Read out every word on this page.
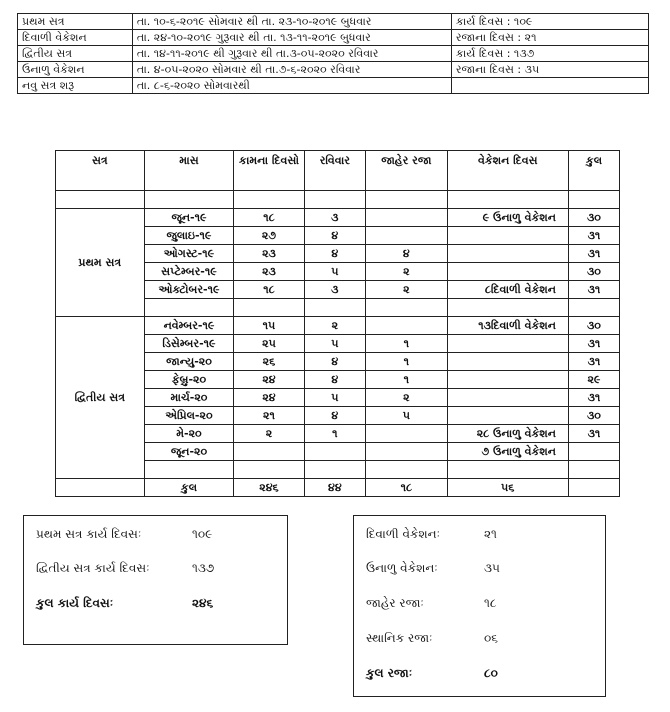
પ્રથમ સત્ર	તા. ૧૦-૬-૨૦૧૯ સોમવાર થી તા. ૨૩-૧૦-૨૦૧૯ બુધવાર	કાર્ય દિવસ : ૧૦૯
દિવાળી વેકેશન	તા. ૨૪-૧૦-૨૦૧૯ ગુરૂવાર થી તા. ૧૩-૧૧-૨૦૧૯ બુધવાર	રજાના દિવસ : ૨૧
દ્વિતીય સત્ર	તા. ૧૪-૧૧-૨૦૧૯ થી ગુરૂવાર થી તા.૩-૦૫-૨૦૨૦ રવિવાર	કાર્ય દિવસ : ૧૩૭
ઉનાળુ વેકેશન	તા. ૪-૦૫-૨૦૨૦ સોમવાર થી તા.૭-૬-૨૦૨૦ રવિવાર	રજાના દિવસ : ૩૫
નવુ સત્ર શરૂ	તા. ૮-૬-૨૦૨૦ સોમવારથી	
સત્ર	માસ	કામના દિવસો	રવિવાર	જાહેર રજા	વેકેશન દિવસ	કુલ

પ્રથમ સત્ર	જૂન-૧૯	૧૮	૩		૯ ઉનાળુ વેકેશન	૩૦
	જુલાઇ-૧૯	૨૭	૪			૩૧
	ઓગસ્ટ-૧૯	૨૩	૪	૪		૩૧
	સપ્ટેમ્બર-૧૯	૨૩	૫	૨		૩૦
	ઓક્ટોબર-૧૯	૧૮	૩	૨	૮દિવાળી વેકેશન	૩૧

દ્વિતીય સત્ર	નવેમ્બર-૧૯	૧૫	૨		૧૩દિવાળી વેકેશન	૩૦
	ડિસેમ્બર-૧૯	૨૫	૫	૧		૩૧
	જાન્યુ-૨૦	૨૬	૪	૧		૩૧
	ફેબ્રુ-૨૦	૨૪	૪	૧		૨૯
	માર્ચ-૨૦	૨૪	૫	૨		૩૧
	એપ્રિલ-૨૦	૨૧	૪	૫		૩૦
	મે-૨૦	૨	૧		૨૮ ઉનાળુ વેકેશન	૩૧
	જૂન-૨૦				૭ ઉનાળુ વેકેશન	

	કુલ	૨૪૬	૪૪	૧૮	૫૬	
પ્રથમ સત્ર કાર્ય દિવસઃ	૧૦૯
દ્વિતીય સત્ર કાર્ય દિવસઃ	૧૩૭
કુલ કાર્ય દિવસઃ	૨૪૬
દિવાળી વેકેશનઃ	૨૧
ઉનાળુ વેકેશનઃ	૩૫
જાહેર રજાઃ	૧૮
સ્થાનિક રજાઃ	૦૬
કુલ રજાઃ	૮૦
